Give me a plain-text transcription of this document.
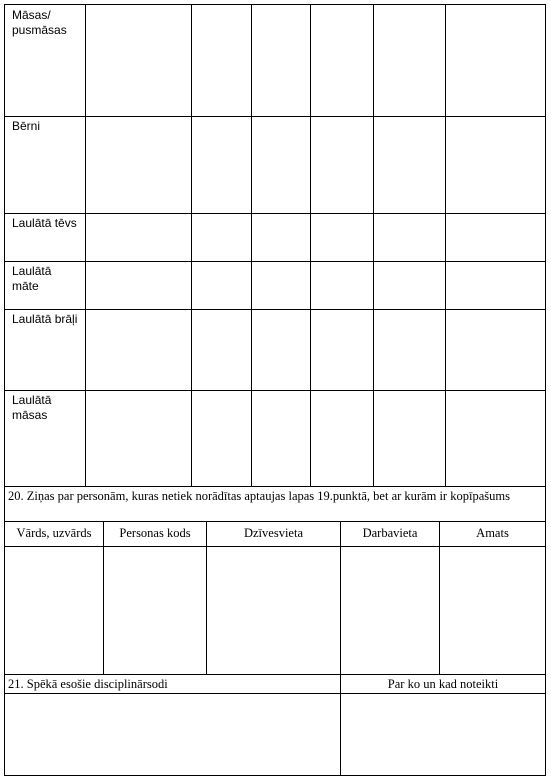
Māsas/ pusmāsas
Bērni
Laulātā tēvs
Laulātā māte
Laulātā brāļi
Laulātā māsas
20. Ziņas par personām, kuras netiek norādītas aptaujas lapas 19.punktā, bet ar kurām ir kopīpašums
Vārds, uzvārds	Personas kods	Dzīvesvieta	Darbavieta	Amats
21. Spēkā esošie disciplinārsodi	Par ko un kad noteikti
